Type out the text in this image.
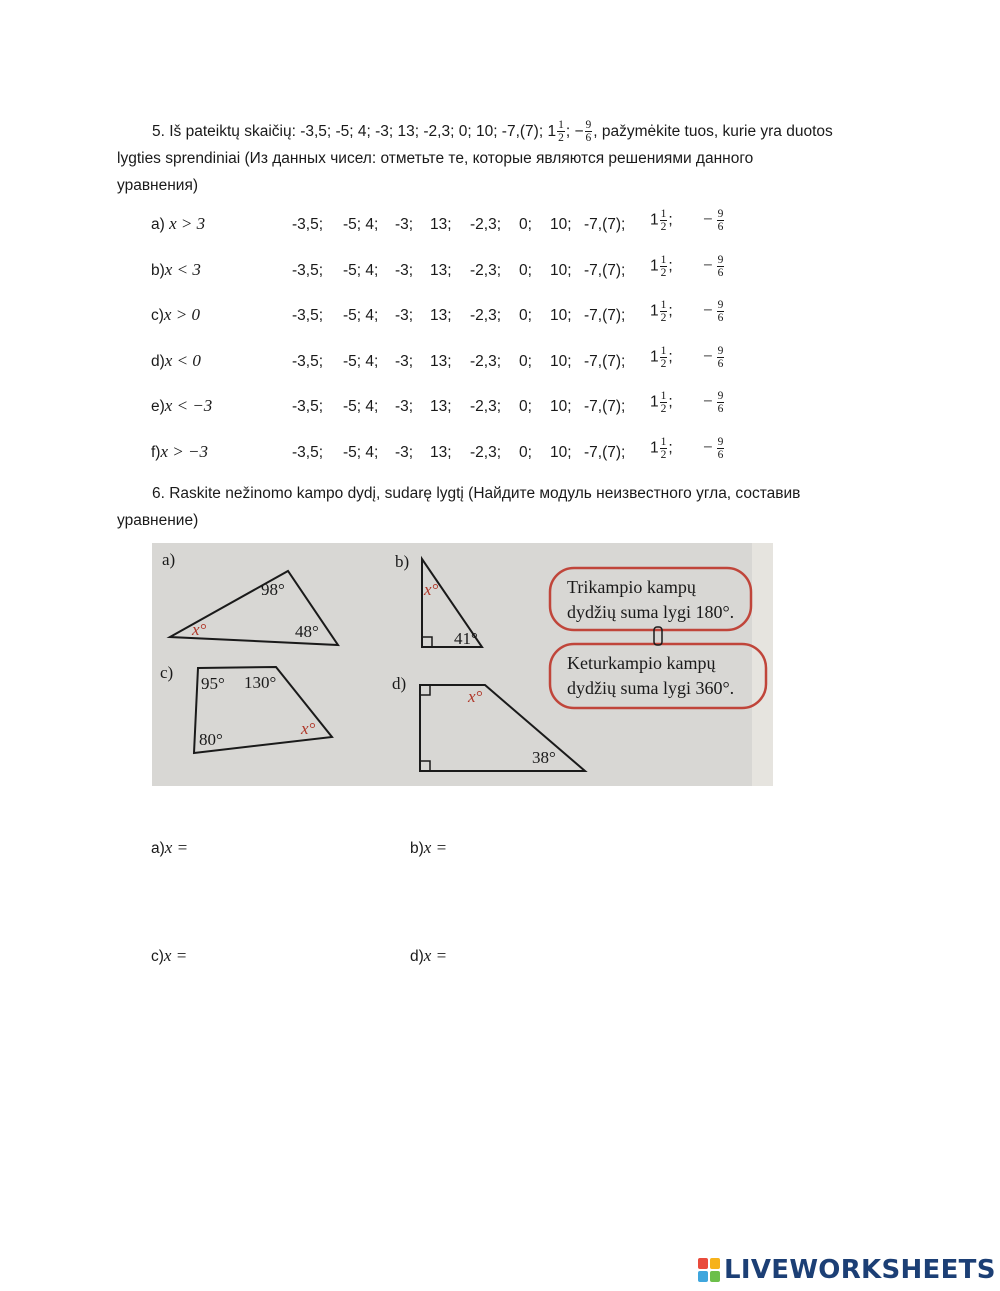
5. Iš pateiktų skaičių: -3,5; -5; 4; -3; 13; -2,3; 0; 10; -7,(7); $1 \frac{1}{2}$ ; − $\frac{9}{6}$ , pažymėkite tuos, kurie yra duotos
lygties sprendiniai (Из данных чисел: отметьте те, которые являются решениями данного
уравнения)
a) x > 3	-3,5; -5; 4; -3; 13; -2,3; 0; 10; -7,(7); $1 \frac{1}{2}$ ; − $\frac{9}{6}$
b)x < 3	-3,5; -5; 4; -3; 13; -2,3; 0; 10; -7,(7); $1 \frac{1}{2}$ ; − $\frac{9}{6}$
c)x > 0	-3,5; -5; 4; -3; 13; -2,3; 0; 10; -7,(7); $1 \frac{1}{2}$ ; − $\frac{9}{6}$
d)x < 0	-3,5; -5; 4; -3; 13; -2,3; 0; 10; -7,(7); $1 \frac{1}{2}$ ; − $\frac{9}{6}$
e)x < −3	-3,5; -5; 4; -3; 13; -2,3; 0; 10; -7,(7); $1 \frac{1}{2}$ ; − $\frac{9}{6}$
f)x > −3	-3,5; -5; 4; -3; 13; -2,3; 0; 10; -7,(7); $1 \frac{1}{2}$ ; − $\frac{9}{6}$
6. Raskite nežinomo kampo dydį, sudarę lygtį (Найдите модуль неизвестного угла, составив
уравнение)
a)
98°
48°
x°
b)
x°
41°
c)
95° 130°
80°
x°
d)
x°
38°
Trikampio kampų
dydžių suma lygi 180°.
Keturkampio kampų
dydžių suma lygi 360°.
a)x =	b)x =
c)x =	d)x =
LIVEWORKSHEETS
